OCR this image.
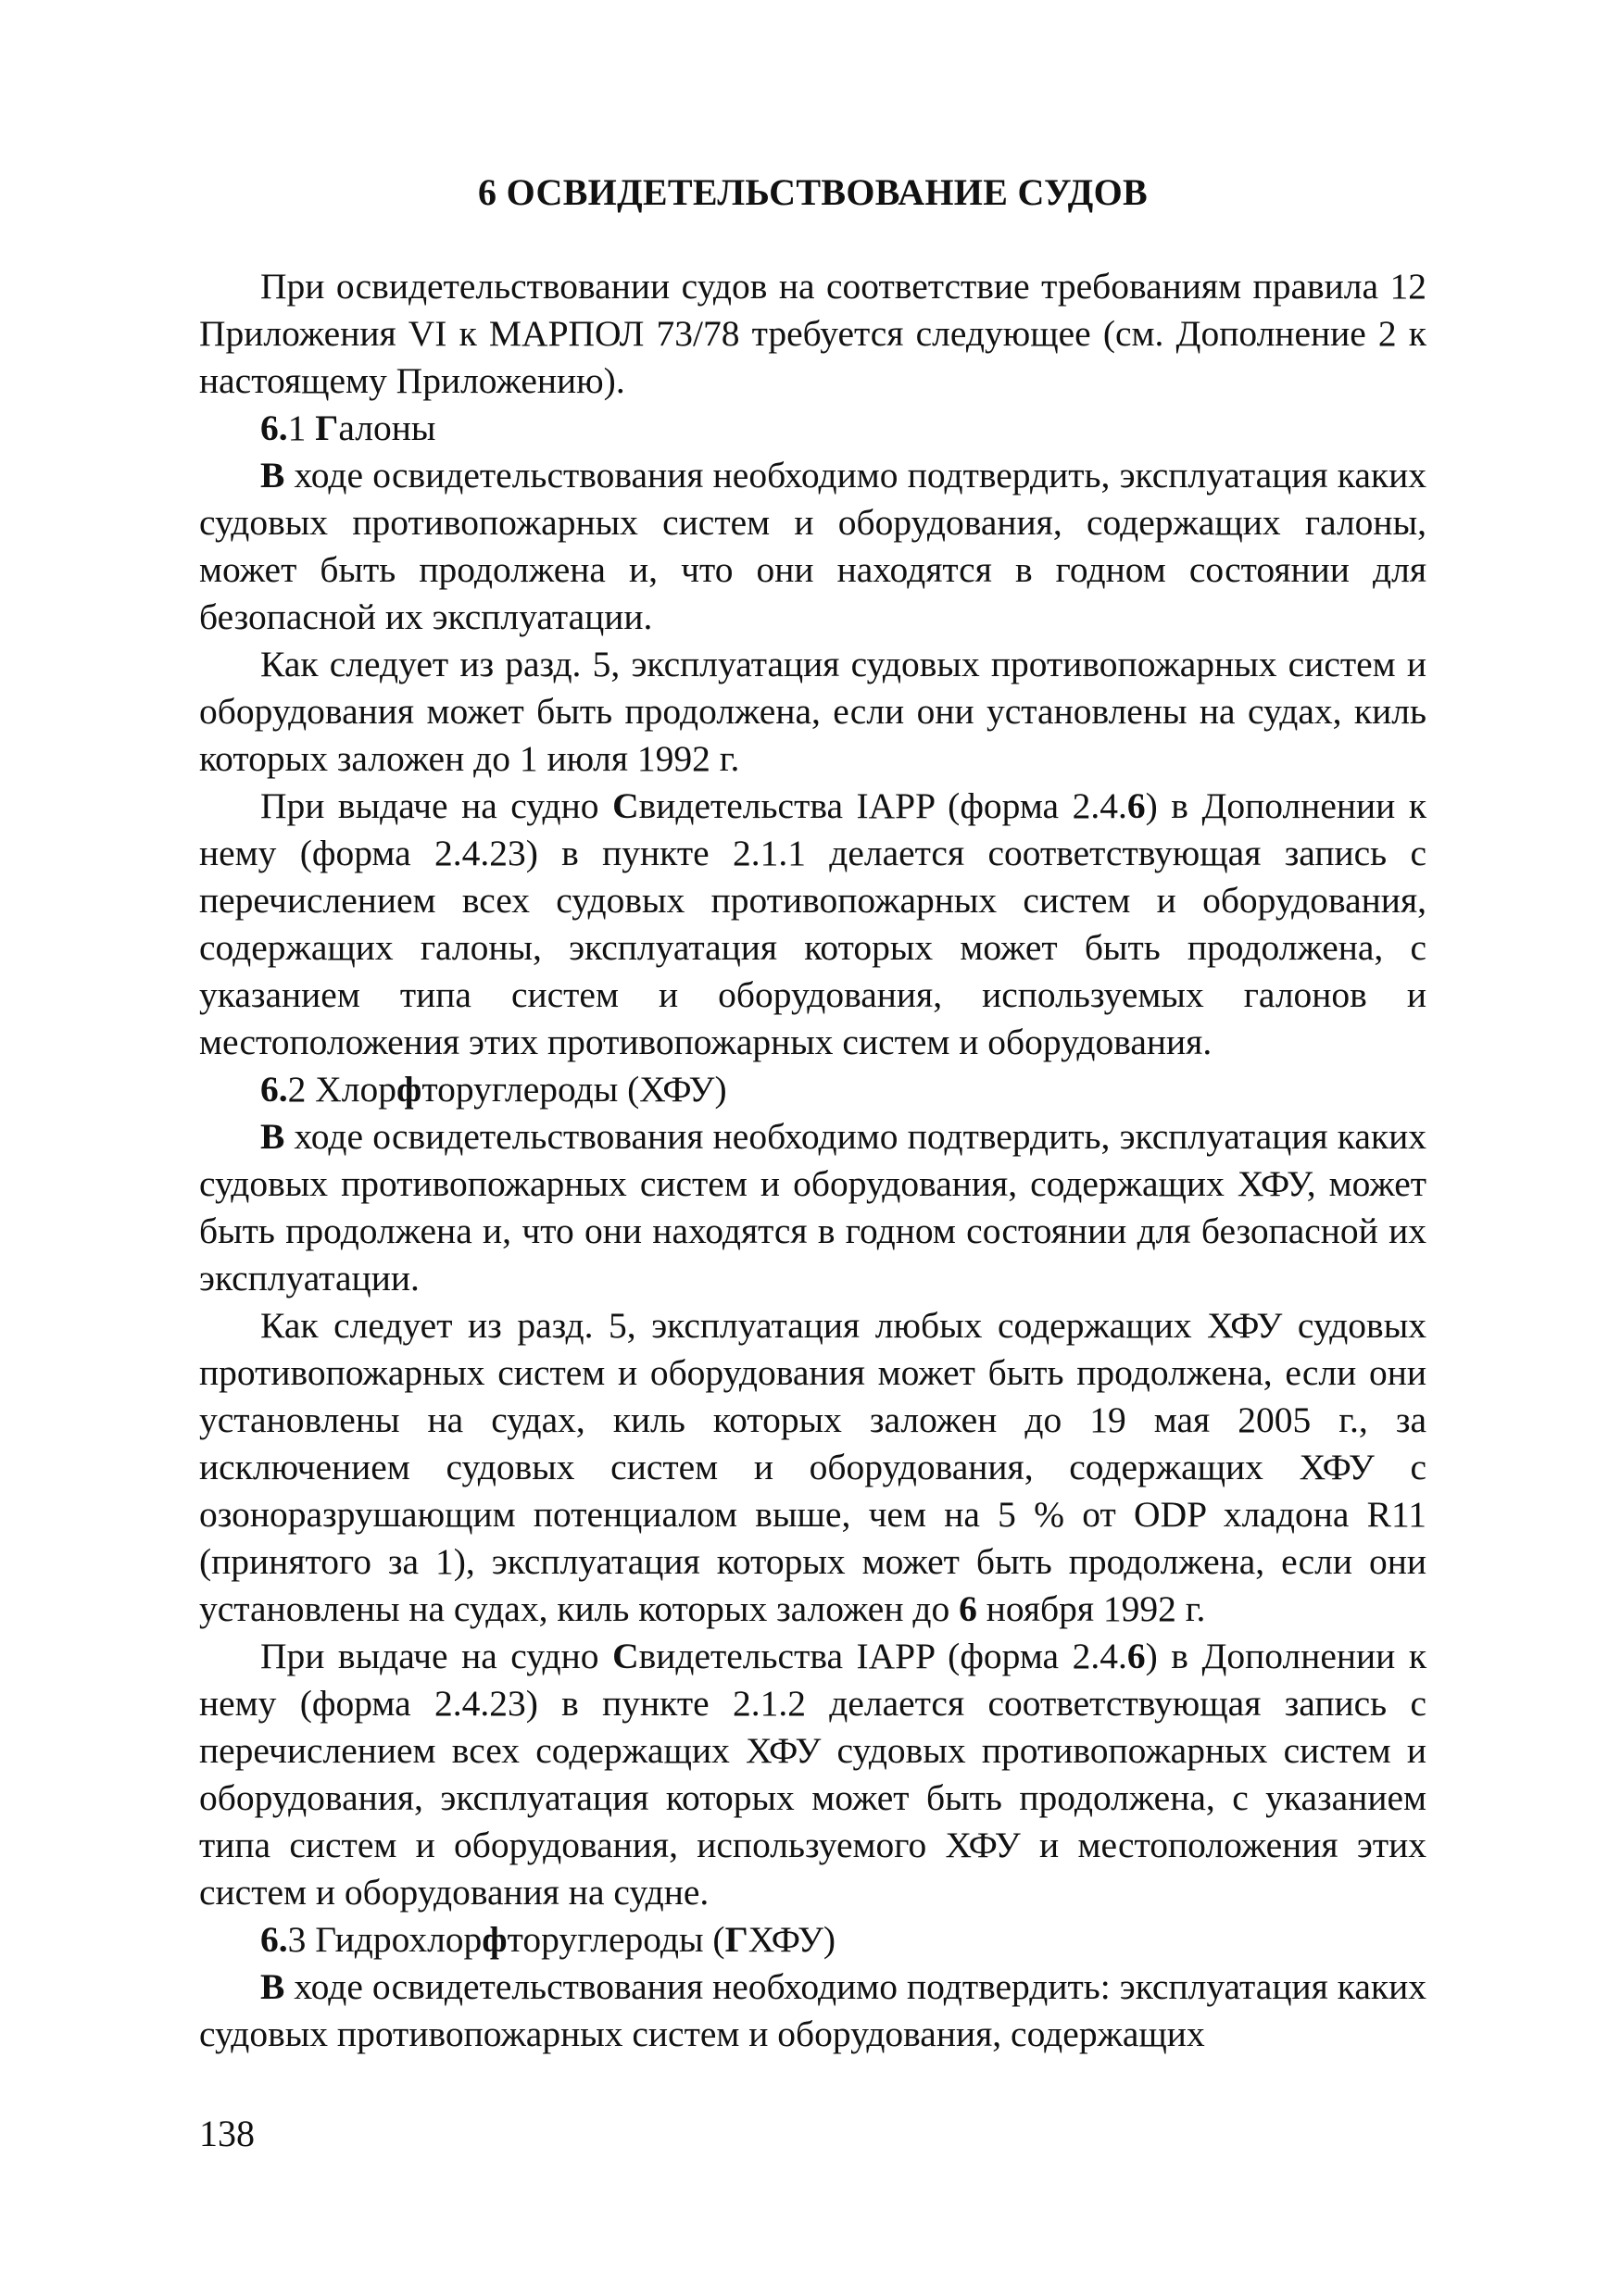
6 ОСВИДЕТЕЛЬСТВОВАНИЕ СУДОВ

При освидетельствовании судов на соответствие требованиям правила 12 Приложения VI к МАРПОЛ 73/78 требуется следующее (см. Дополнение 2 к настоящему Приложению).

6.1 Галоны

В ходе освидетельствования необходимо подтвердить, эксплуатация каких судовых противопожарных систем и оборудования, содержащих галоны, может быть продолжена и, что они находятся в годном состоянии для безопасной их эксплуатации.

Как следует из разд. 5, эксплуатация судовых противопожарных систем и оборудования может быть продолжена, если они установлены на судах, киль которых заложен до 1 июля 1992 г.

При выдаче на судно Свидетельства IAPP (форма 2.4.6) в Дополнении к нему (форма 2.4.23) в пункте 2.1.1 делается соответствующая запись с перечислением всех судовых противопожарных систем и оборудования, содержащих галоны, эксплуатация которых может быть продолжена, с указанием типа систем и оборудования, используемых галонов и местоположения этих противопожарных систем и оборудования.

6.2 Хлорфторуглероды (ХФУ)

В ходе освидетельствования необходимо подтвердить, эксплуатация каких судовых противопожарных систем и оборудования, содержащих ХФУ, может быть продолжена и, что они находятся в годном состоянии для безопасной их эксплуатации.

Как следует из разд. 5, эксплуатация любых содержащих ХФУ судовых противопожарных систем и оборудования может быть продолжена, если они установлены на судах, киль которых заложен до 19 мая 2005 г., за исключением судовых систем и оборудования, содержащих ХФУ с озоноразрушающим потенциалом выше, чем на 5 % от ODP хладона R11 (принятого за 1), эксплуатация которых может быть продолжена, если они установлены на судах, киль которых заложен до 6 ноября 1992 г.

При выдаче на судно Свидетельства IAPP (форма 2.4.6) в Дополнении к нему (форма 2.4.23) в пункте 2.1.2 делается соответствующая запись с перечислением всех содержащих ХФУ судовых противопожарных систем и оборудования, эксплуатация которых может быть продолжена, с указанием типа систем и оборудования, используемого ХФУ и местоположения этих систем и оборудования на судне.

6.3 Гидрохлорфторуглероды (ГХФУ)

В ходе освидетельствования необходимо подтвердить: эксплуатация каких судовых противопожарных систем и оборудования, содержащих

138
